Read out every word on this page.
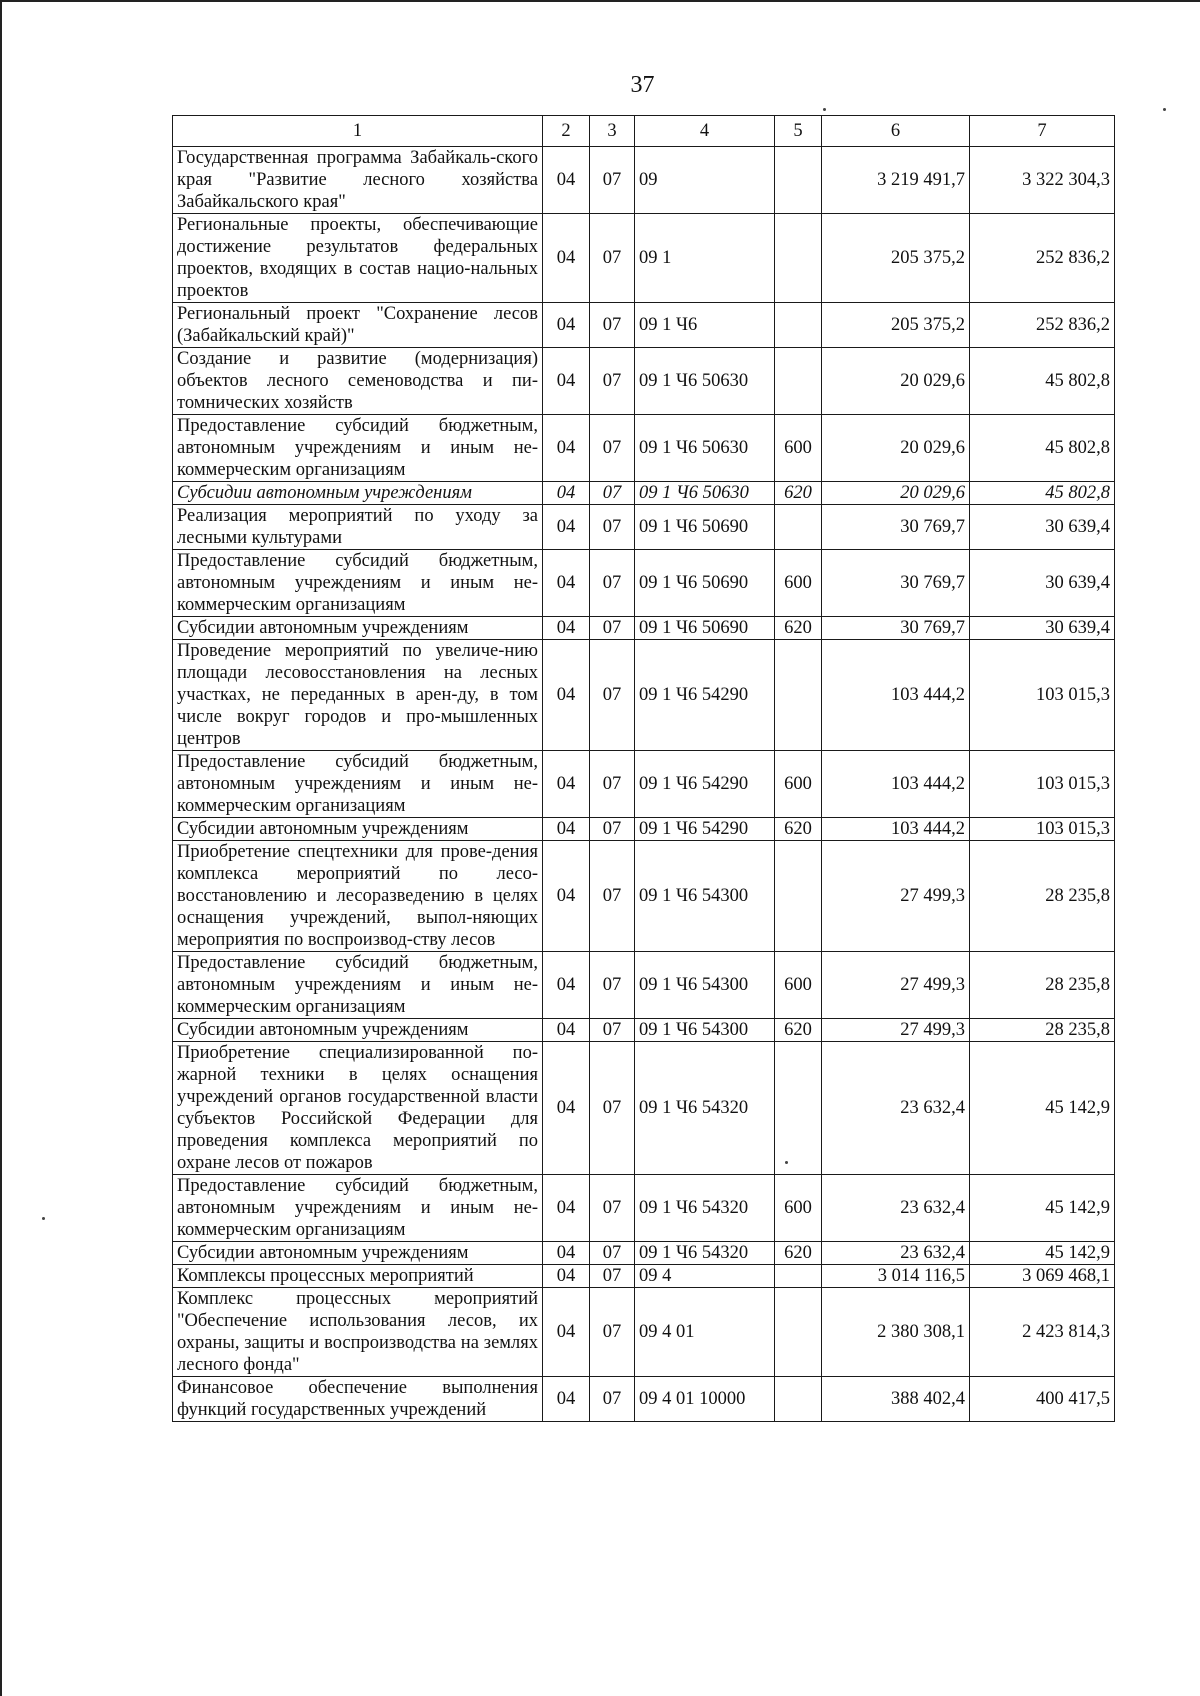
37
1	2	3	4	5	6	7
Государственная программа Забайкаль-ского края "Развитие лесного хозяйства Забайкальского края"	04	07	09		3 219 491,7	3 322 304,3
Региональные проекты, обеспечивающие достижение результатов федеральных проектов, входящих в состав нацио-нальных проектов	04	07	09 1		205 375,2	252 836,2
Региональный проект "Сохранение лесов (Забайкальский край)"	04	07	09 1 Ч6		205 375,2	252 836,2
Создание и развитие (модернизация) объектов лесного семеноводства и пи-томнических хозяйств	04	07	09 1 Ч6 50630		20 029,6	45 802,8
Предоставление субсидий бюджетным, автономным учреждениям и иным не-коммерческим организациям	04	07	09 1 Ч6 50630	600	20 029,6	45 802,8
Субсидии автономным учреждениям	04	07	09 1 Ч6 50630	620	20 029,6	45 802,8
Реализация мероприятий по уходу за лесными культурами	04	07	09 1 Ч6 50690		30 769,7	30 639,4
Предоставление субсидий бюджетным, автономным учреждениям и иным не-коммерческим организациям	04	07	09 1 Ч6 50690	600	30 769,7	30 639,4
Субсидии автономным учреждениям	04	07	09 1 Ч6 50690	620	30 769,7	30 639,4
Проведение мероприятий по увеличе-нию площади лесовосстановления на лесных участках, не переданных в арен-ду, в том числе вокруг городов и про-мышленных центров	04	07	09 1 Ч6 54290		103 444,2	103 015,3
Предоставление субсидий бюджетным, автономным учреждениям и иным не-коммерческим организациям	04	07	09 1 Ч6 54290	600	103 444,2	103 015,3
Субсидии автономным учреждениям	04	07	09 1 Ч6 54290	620	103 444,2	103 015,3
Приобретение спецтехники для прове-дения комплекса мероприятий по лесо-восстановлению и лесоразведению в целях оснащения учреждений, выпол-няющих мероприятия по воспроизвод-ству лесов	04	07	09 1 Ч6 54300		27 499,3	28 235,8
Предоставление субсидий бюджетным, автономным учреждениям и иным не-коммерческим организациям	04	07	09 1 Ч6 54300	600	27 499,3	28 235,8
Субсидии автономным учреждениям	04	07	09 1 Ч6 54300	620	27 499,3	28 235,8
Приобретение специализированной по-жарной техники в целях оснащения учреждений органов государственной власти субъектов Российской Федерации для проведения комплекса мероприятий по охране лесов от пожаров	04	07	09 1 Ч6 54320		23 632,4	45 142,9
Предоставление субсидий бюджетным, автономным учреждениям и иным не-коммерческим организациям	04	07	09 1 Ч6 54320	600	23 632,4	45 142,9
Субсидии автономным учреждениям	04	07	09 1 Ч6 54320	620	23 632,4	45 142,9
Комплексы процессных мероприятий	04	07	09 4		3 014 116,5	3 069 468,1
Комплекс процессных мероприятий "Обеспечение использования лесов, их охраны, защиты и воспроизводства на землях лесного фонда"	04	07	09 4 01		2 380 308,1	2 423 814,3
Финансовое обеспечение выполнения функций государственных учреждений	04	07	09 4 01 10000		388 402,4	400 417,5
